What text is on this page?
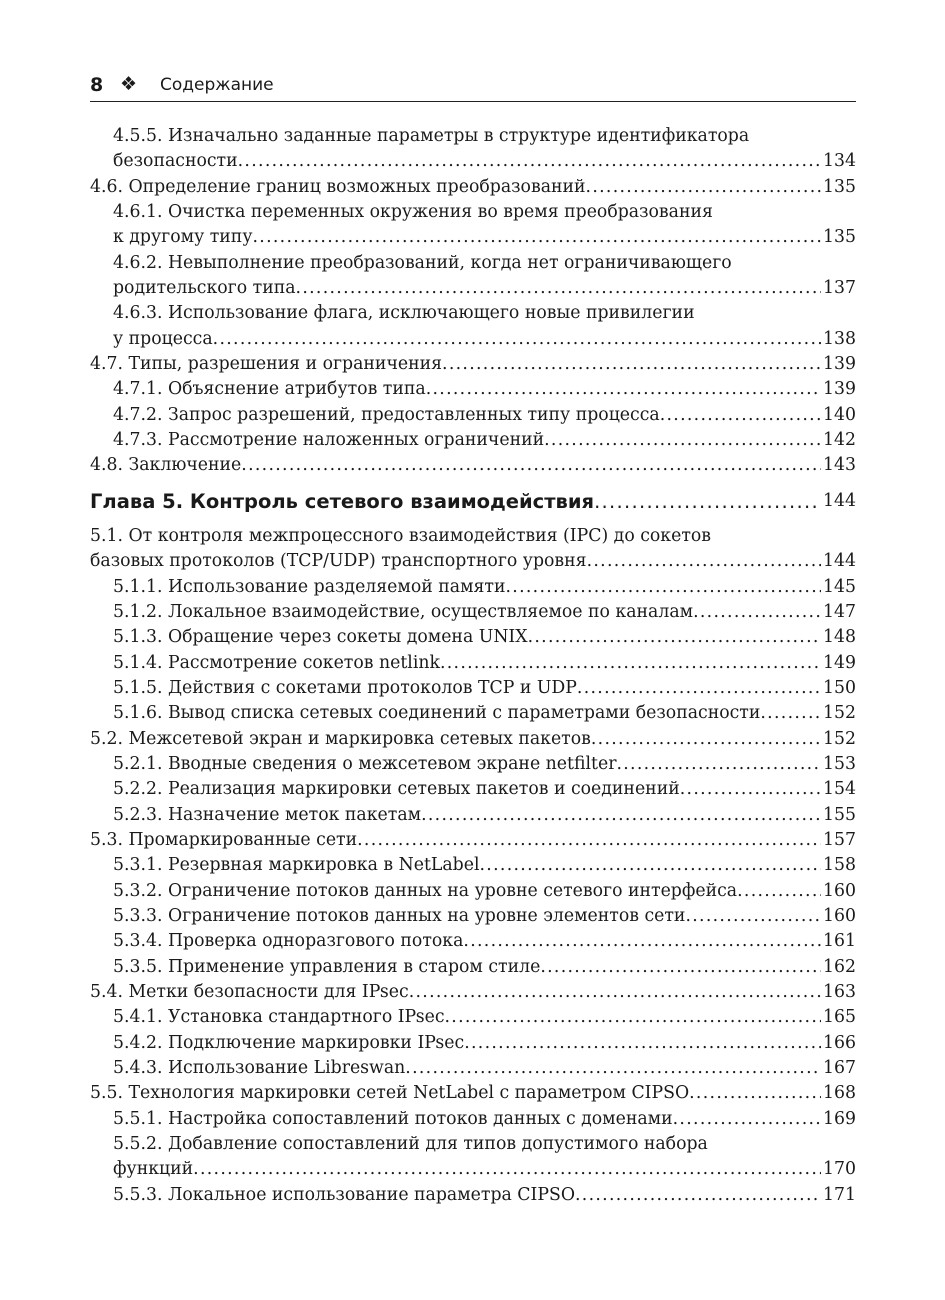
8 ❖ Содержание
4.5.5. Изначально заданные параметры в структуре идентификатора
безопасности .....	134
4.6. Определение границ возможных преобразований .....	135
4.6.1. Очистка переменных окружения во время преобразования
к другому типу .....	135
4.6.2. Невыполнение преобразований, когда нет ограничивающего
родительского типа .....	137
4.6.3. Использование флага, исключающего новые привилегии
у процесса .....	138
4.7. Типы, разрешения и ограничения .....	139
4.7.1. Объяснение атрибутов типа .....	139
4.7.2. Запрос разрешений, предоставленных типу процесса .....	140
4.7.3. Рассмотрение наложенных ограничений .....	142
4.8. Заключение .....	143
Глава 5. Контроль сетевого взаимодействия .....	144
5.1. От контроля межпроцессного взаимодействия (IPC) до сокетов
базовых протоколов (TCP/UDP) транспортного уровня .....	144
5.1.1. Использование разделяемой памяти .....	145
5.1.2. Локальное взаимодействие, осуществляемое по каналам .....	147
5.1.3. Обращение через сокеты домена UNIX .....	148
5.1.4. Рассмотрение сокетов netlink .....	149
5.1.5. Действия с сокетами протоколов TCP и UDP .....	150
5.1.6. Вывод списка сетевых соединений с параметрами безопасности .....	152
5.2. Межсетевой экран и маркировка сетевых пакетов .....	152
5.2.1. Вводные сведения о межсетевом экране netfilter .....	153
5.2.2. Реализация маркировки сетевых пакетов и соединений .....	154
5.2.3. Назначение меток пакетам .....	155
5.3. Промаркированные сети .....	157
5.3.1. Резервная маркировка в NetLabel .....	158
5.3.2. Ограничение потоков данных на уровне сетевого интерфейса .....	160
5.3.3. Ограничение потоков данных на уровне элементов сети .....	160
5.3.4. Проверка одноразгового потока .....	161
5.3.5. Применение управления в старом стиле .....	162
5.4. Метки безопасности для IPsec .....	163
5.4.1. Установка стандартного IPsec .....	165
5.4.2. Подключение маркировки IPsec .....	166
5.4.3. Использование Libreswan .....	167
5.5. Технология маркировки сетей NetLabel с параметром CIPSO .....	168
5.5.1. Настройка сопоставлений потоков данных с доменами .....	169
5.5.2. Добавление сопоставлений для типов допустимого набора
функций .....	170
5.5.3. Локальное использование параметра CIPSO .....	171
